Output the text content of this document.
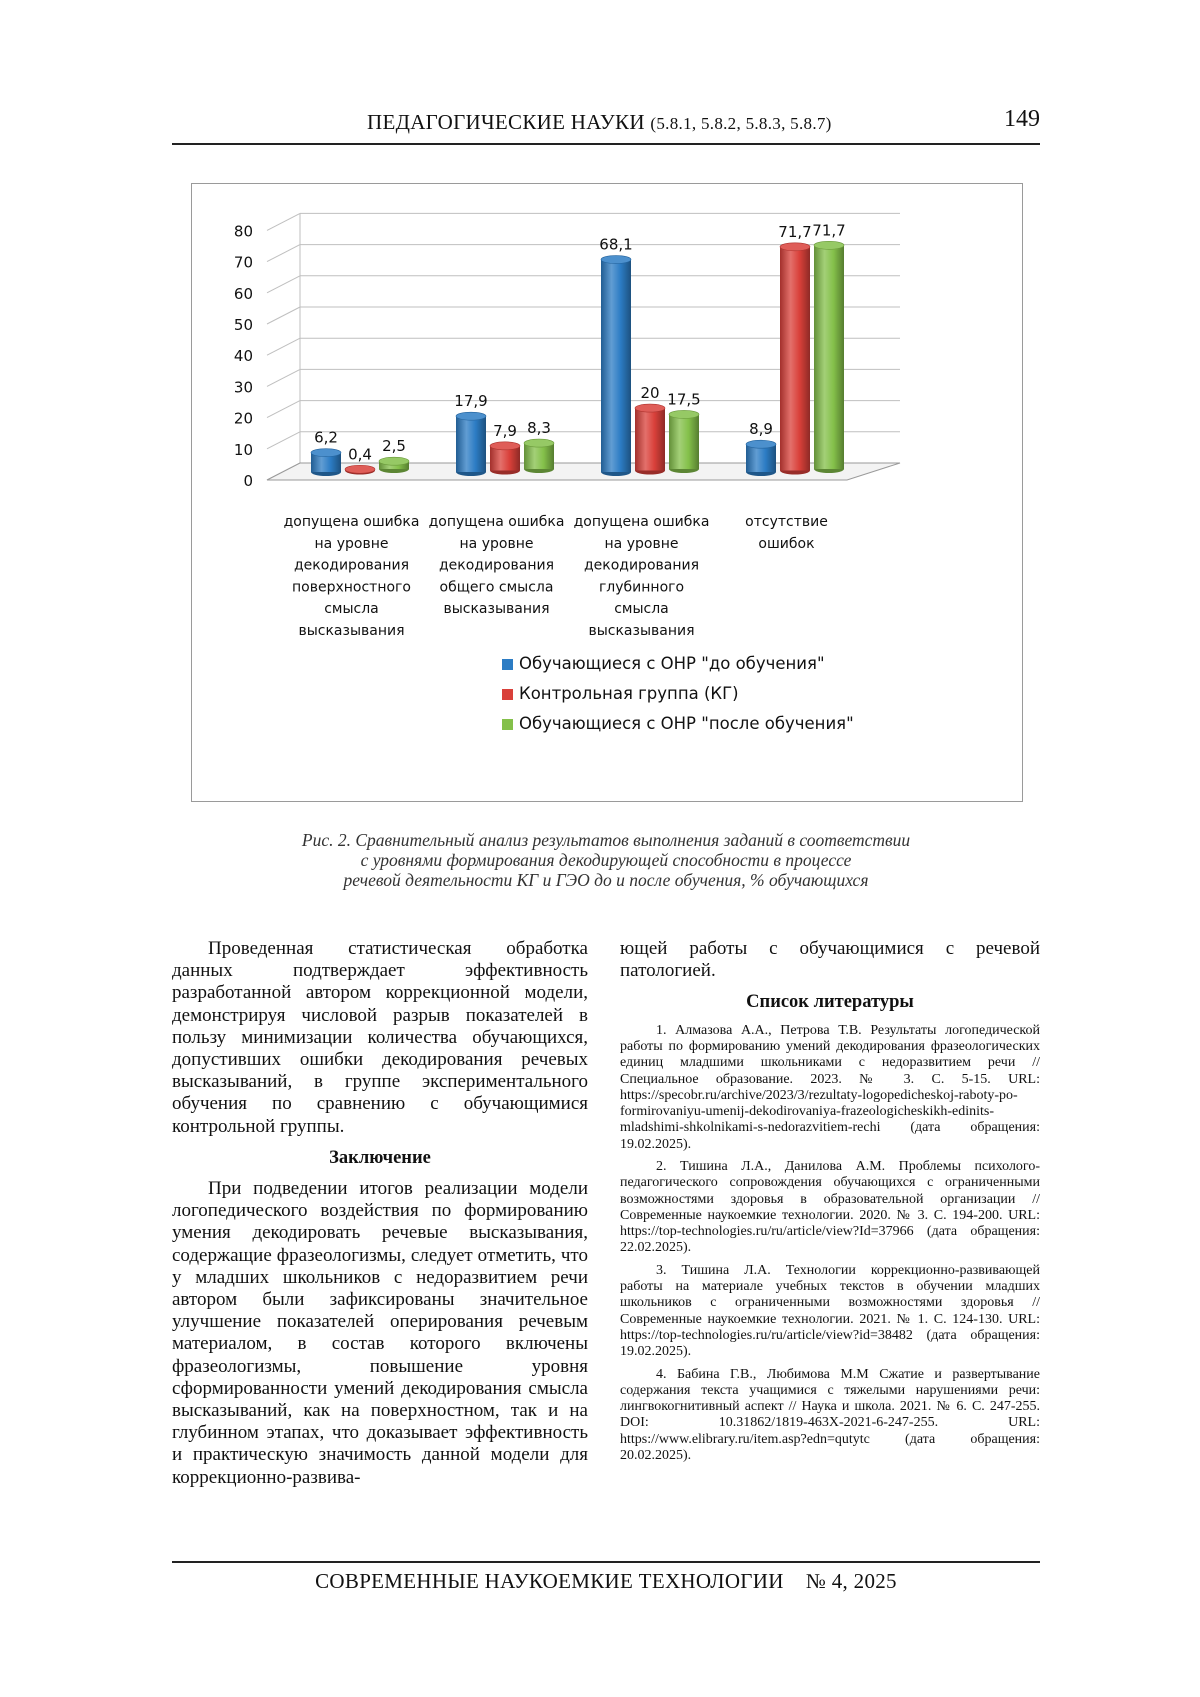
ПЕДАГОГИЧЕСКИЕ НАУКИ (5.8.1, 5.8.2, 5.8.3, 5.8.7)	149
0
10
20
30
40
50
60
70
80
6,2
0,4 2,5
допущена ошибка
на уровне
декодирования
поверхностного
смысла
высказывания
17,9
7,9 8,3
допущена ошибка
на уровне
декодирования
общего смысла
высказывания
68,1
20 17,5
допущена ошибка
на уровне
декодирования
глубинного
смысла
высказывания
8,9
71,7 71,7
отсутствие
ошибок
Обучающиеся с ОНР "до обучения"
Контрольная группа (КГ)
Обучающиеся с ОНР "после обучения"
Рис. 2. Сравнительный анализ результатов выполнения заданий в соответствии
с уровнями формирования декодирующей способности в процессе
речевой деятельности КГ и ГЭО до и после обучения, % обучающихся

Проведенная статистическая обработка данных подтверждает эффективность разработанной автором коррекционной модели, демонстрируя числовой разрыв показателей в пользу минимизации количества обучающихся, допустивших ошибки декодирования речевых высказываний, в группе экспериментального обучения по сравнению с обучающимися контрольной группы.

Заключение

При подведении итогов реализации модели логопедического воздействия по формированию умения декодировать речевые высказывания, содержащие фразеологизмы, следует отметить, что у младших школьников с недоразвитием речи автором были зафиксированы значительное улучшение показателей оперирования речевым материалом, в состав которого включены фразеологизмы, повышение уровня сформированности умений декодирования смысла высказываний, как на поверхностном, так и на глубинном этапах, что доказывает эффективность и практическую значимость данной модели для коррекционно-развива-

ющей работы с обучающимися с речевой патологией.

Список литературы

1. Алмазова А.А., Петрова Т.В. Результаты логопедической работы по формированию умений декодирования фразеологических единиц младшими школьниками с недоразвитием речи // Специальное образование. 2023. № 3. С. 5-15. URL: https://specobr.ru/archive/2023/3/rezultaty-logopedicheskoj-raboty-po-formirovaniyu-umenij-dekodirovaniya-frazeologicheskikh-edinits-mladshimi-shkolnikami-s-nedorazvitiem-rechi (дата обращения: 19.02.2025).

2. Тишина Л.А., Данилова А.М. Проблемы психолого-педагогического сопровождения обучающихся с ограниченными возможностями здоровья в образовательной организации // Современные наукоемкие технологии. 2020. № 3. С. 194-200. URL: https://top-technologies.ru/ru/article/view?Id=37966 (дата обращения: 22.02.2025).

3. Тишина Л.А. Технологии коррекционно-развивающей работы на материале учебных текстов в обучении младших школьников с ограниченными возможностями здоровья // Современные наукоемкие технологии. 2021. № 1. С. 124-130. URL: https://top-technologies.ru/ru/article/view?id=38482 (дата обращения: 19.02.2025).

4. Бабина Г.В., Любимова М.М Сжатие и развертывание содержания текста учащимися с тяжелыми нарушениями речи: лингвокогнитивный аспект // Наука и школа. 2021. № 6. С. 247-255. DOI: 10.31862/1819-463X-2021-6-247-255. URL: https://www.elibrary.ru/item.asp?edn=qutytc (дата обращения: 20.02.2025).

СОВРЕМЕННЫЕ НАУКОЕМКИЕ ТЕХНОЛОГИИ № 4, 2025
